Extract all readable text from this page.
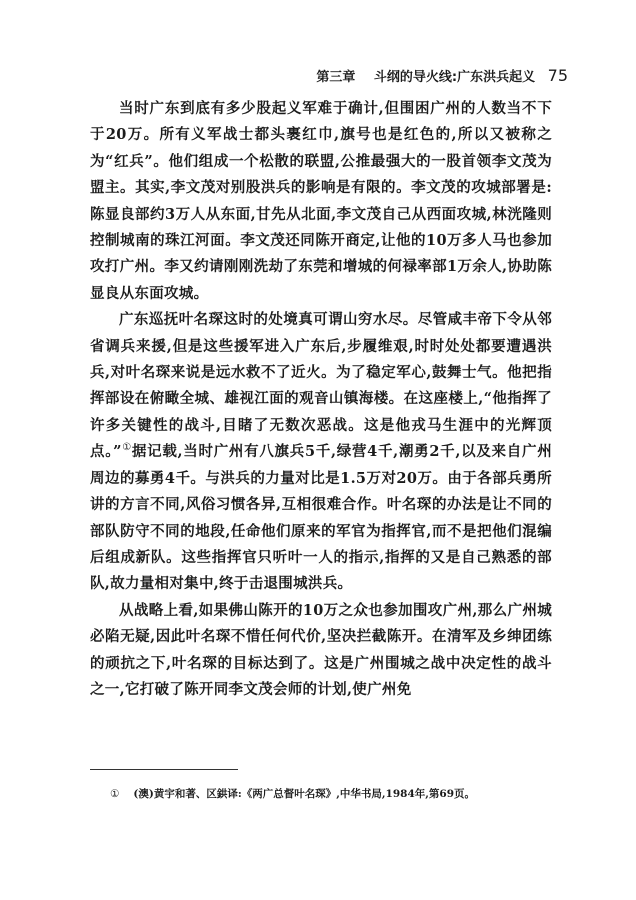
第三章 斗纲的导火线:广东洪兵起义 75

当时广东到底有多少股起义军难于确计,但围困广州的人数当不下于20万。所有义军战士都头裹红巾,旗号也是红色的,所以又被称之为“红兵”。他们组成一个松散的联盟,公推最强大的一股首领李文茂为盟主。其实,李文茂对别股洪兵的影响是有限的。李文茂的攻城部署是:陈显良部约3万人从东面,甘先从北面,李文茂自己从西面攻城,林洸隆则控制城南的珠江河面。李文茂还同陈开商定,让他的10万多人马也参加攻打广州。李又约请刚刚洗劫了东莞和增城的何禄率部1万余人,协助陈显良从东面攻城。

广东巡抚叶名琛这时的处境真可谓山穷水尽。尽管咸丰帝下令从邻省调兵来援,但是这些援军进入广东后,步履维艰,时时处处都要遭遇洪兵,对叶名琛来说是远水救不了近火。为了稳定军心,鼓舞士气。他把指挥部设在俯瞰全城、雄视江面的观音山镇海楼。在这座楼上,“他指挥了许多关键性的战斗,目睹了无数次恶战。这是他戎马生涯中的光辉顶点。”①据记载,当时广州有八旗兵5千,绿营4千,潮勇2千,以及来自广州周边的募勇4千。与洪兵的力量对比是1.5万对20万。由于各部兵勇所讲的方言不同,风俗习惯各异,互相很难合作。叶名琛的办法是让不同的部队防守不同的地段,任命他们原来的军官为指挥官,而不是把他们混编后组成新队。这些指挥官只听叶一人的指示,指挥的又是自己熟悉的部队,故力量相对集中,终于击退围城洪兵。

从战略上看,如果佛山陈开的10万之众也参加围攻广州,那么广州城必陷无疑,因此叶名琛不惜任何代价,坚决拦截陈开。在清军及乡绅团练的顽抗之下,叶名琛的目标达到了。这是广州围城之战中决定性的战斗之一,它打破了陈开同李文茂会师的计划,使广州免

① (澳)黄宇和著、区鉷译:《两广总督叶名琛》,中华书局,1984年,第69页。
